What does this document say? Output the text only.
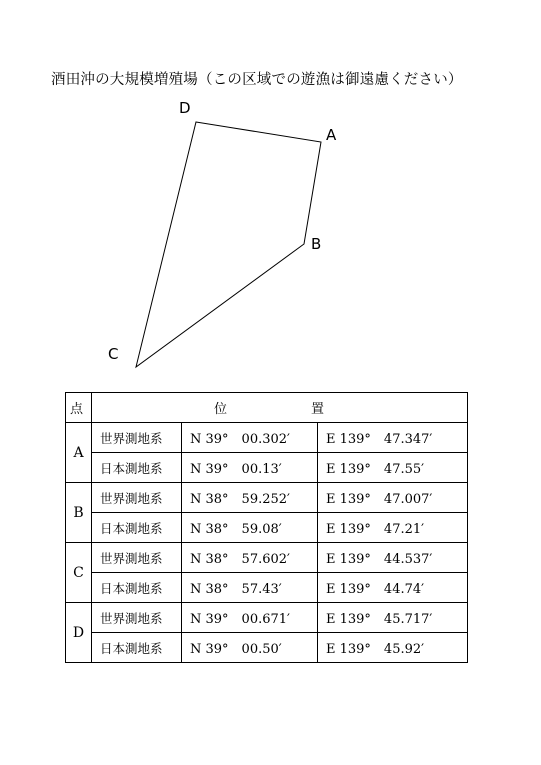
酒田沖の大規模増殖場（この区域での遊漁は御遠慮ください）
A
B
C
D
点	位 置		
A	世界測地系	N 39°　00.302′	E 139°　47.347′
	日本測地系	N 39°　00.13′	E 139°　47.55′
B	世界測地系	N 38°　59.252′	E 139°　47.007′
	日本測地系	N 38°　59.08′	E 139°　47.21′
C	世界測地系	N 38°　57.602′	E 139°　44.537′
	日本測地系	N 38°　57.43′	E 139°　44.74′
D	世界測地系	N 39°　00.671′	E 139°　45.717′
	日本測地系	N 39°　00.50′	E 139°　45.92′
